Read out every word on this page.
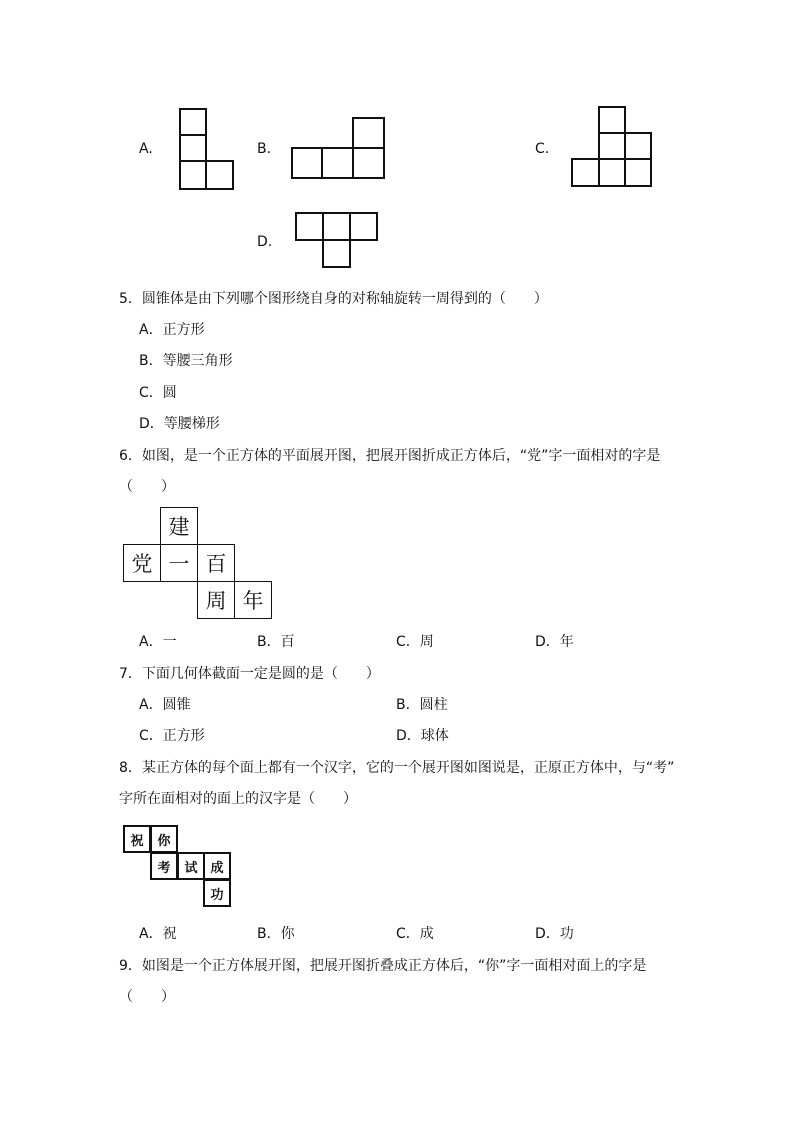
A.	B.	C.
D.
5．圆锥体是由下列哪个图形绕自身的对称轴旋转一周得到的（　　）
A．正方形
B．等腰三角形
C．圆
D．等腰梯形
6．如图，是一个正方体的平面展开图，把展开图折成正方体后，“党”字一面相对的字是
（　　）
建
党 一 百
周 年
A．一	B．百	C．周	D．年
7．下面几何体截面一定是圆的是（　　）
A．圆锥	B．圆柱
C．正方形	D．球体
8．某正方体的每个面上都有一个汉字，它的一个展开图如图说是，正原正方体中，与“考”
字所在面相对的面上的汉字是（　　）
祝	你
考	试 成
功
A．祝	B．你	C．成	D．功
9．如图是一个正方体展开图，把展开图折叠成正方体后，“你”字一面相对面上的字是
（　　）
